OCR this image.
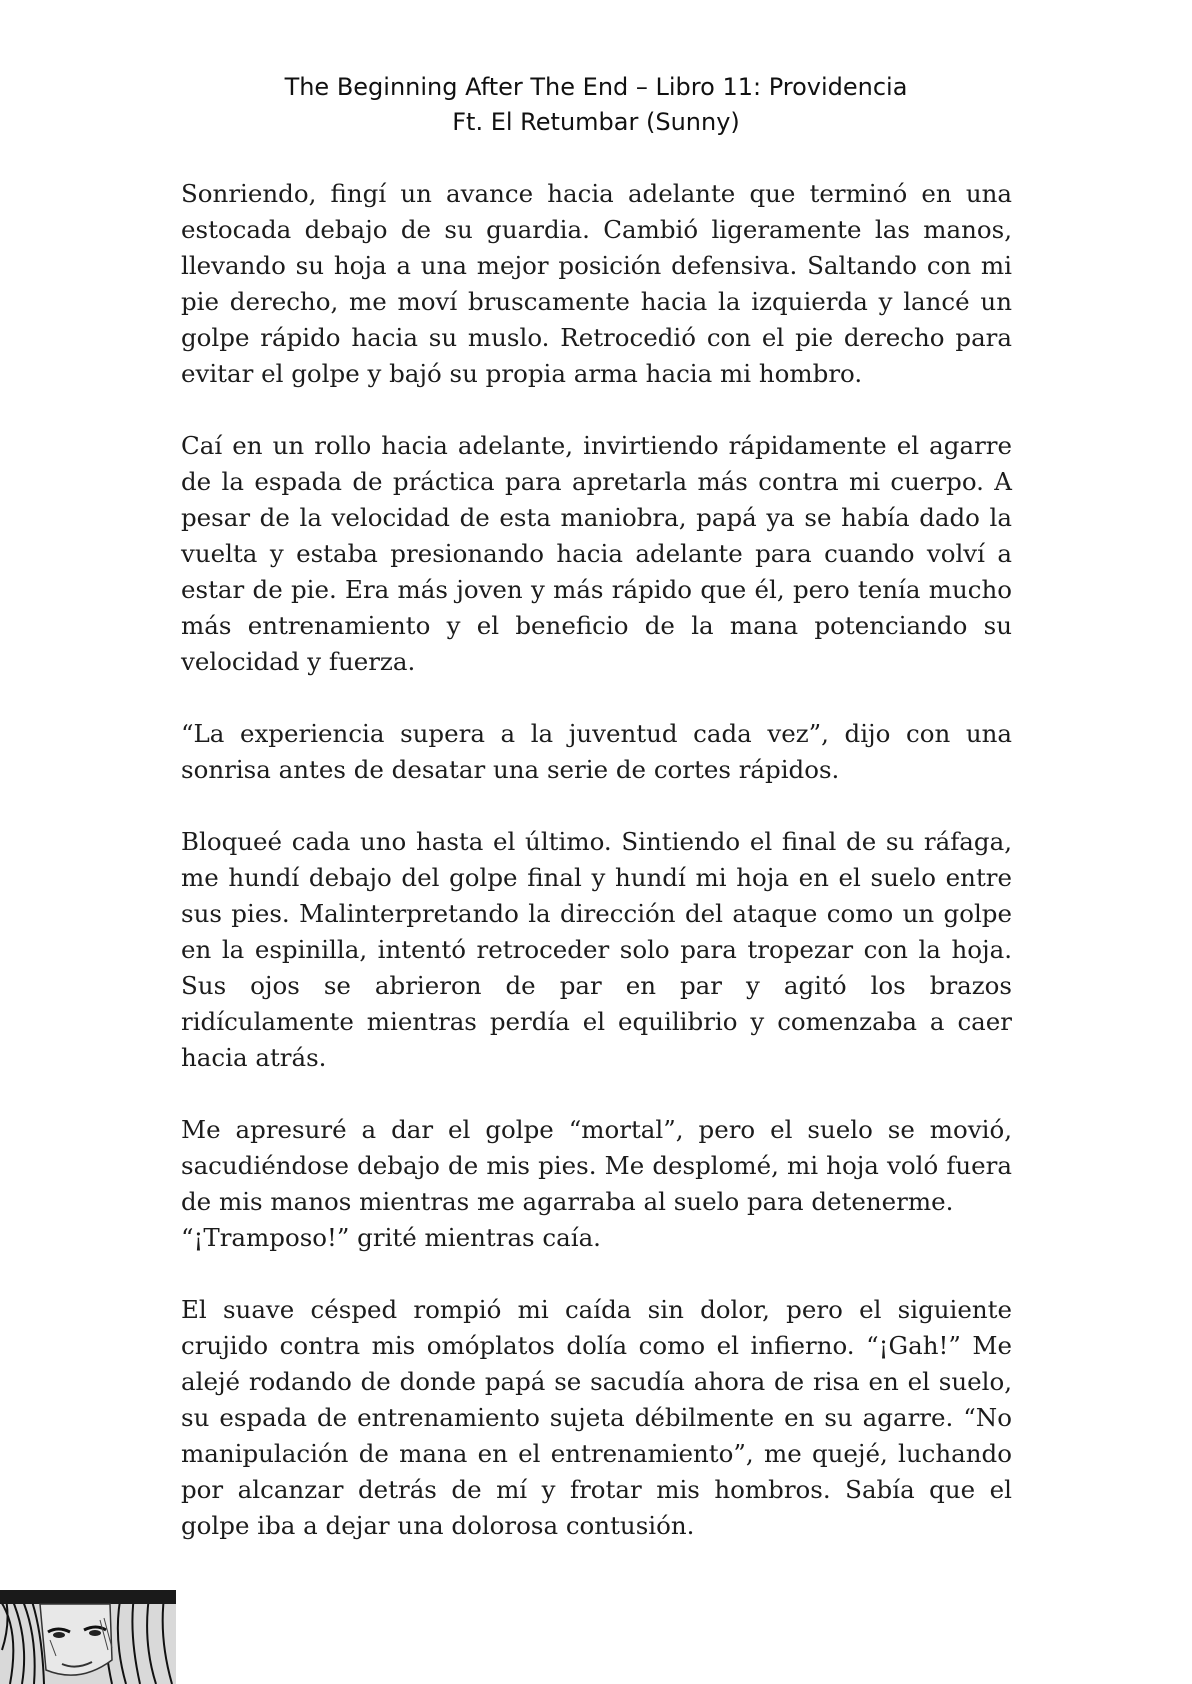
The Beginning After The End – Libro 11: Providencia
Ft. El Retumbar (Sunny)

Sonriendo, fingí un avance hacia adelante que terminó en una estocada debajo de su guardia. Cambió ligeramente las manos, llevando su hoja a una mejor posición defensiva. Saltando con mi pie derecho, me moví bruscamente hacia la izquierda y lancé un golpe rápido hacia su muslo. Retrocedió con el pie derecho para evitar el golpe y bajó su propia arma hacia mi hombro.

Caí en un rollo hacia adelante, invirtiendo rápidamente el agarre de la espada de práctica para apretarla más contra mi cuerpo. A pesar de la velocidad de esta maniobra, papá ya se había dado la vuelta y estaba presionando hacia adelante para cuando volví a estar de pie. Era más joven y más rápido que él, pero tenía mucho más entrenamiento y el beneficio de la mana potenciando su velocidad y fuerza.

“La experiencia supera a la juventud cada vez”, dijo con una sonrisa antes de desatar una serie de cortes rápidos.

Bloqueé cada uno hasta el último. Sintiendo el final de su ráfaga, me hundí debajo del golpe final y hundí mi hoja en el suelo entre sus pies. Malinterpretando la dirección del ataque como un golpe en la espinilla, intentó retroceder solo para tropezar con la hoja. Sus ojos se abrieron de par en par y agitó los brazos ridículamente mientras perdía el equilibrio y comenzaba a caer hacia atrás.

Me apresuré a dar el golpe “mortal”, pero el suelo se movió, sacudiéndose debajo de mis pies. Me desplomé, mi hoja voló fuera de mis manos mientras me agarraba al suelo para detenerme.

“¡Tramposo!” grité mientras caía.

El suave césped rompió mi caída sin dolor, pero el siguiente crujido contra mis omóplatos dolía como el infierno. “¡Gah!” Me alejé rodando de donde papá se sacudía ahora de risa en el suelo, su espada de entrenamiento sujeta débilmente en su agarre. “No manipulación de mana en el entrenamiento”, me quejé, luchando por alcanzar detrás de mí y frotar mis hombros. Sabía que el golpe iba a dejar una dolorosa contusión.
